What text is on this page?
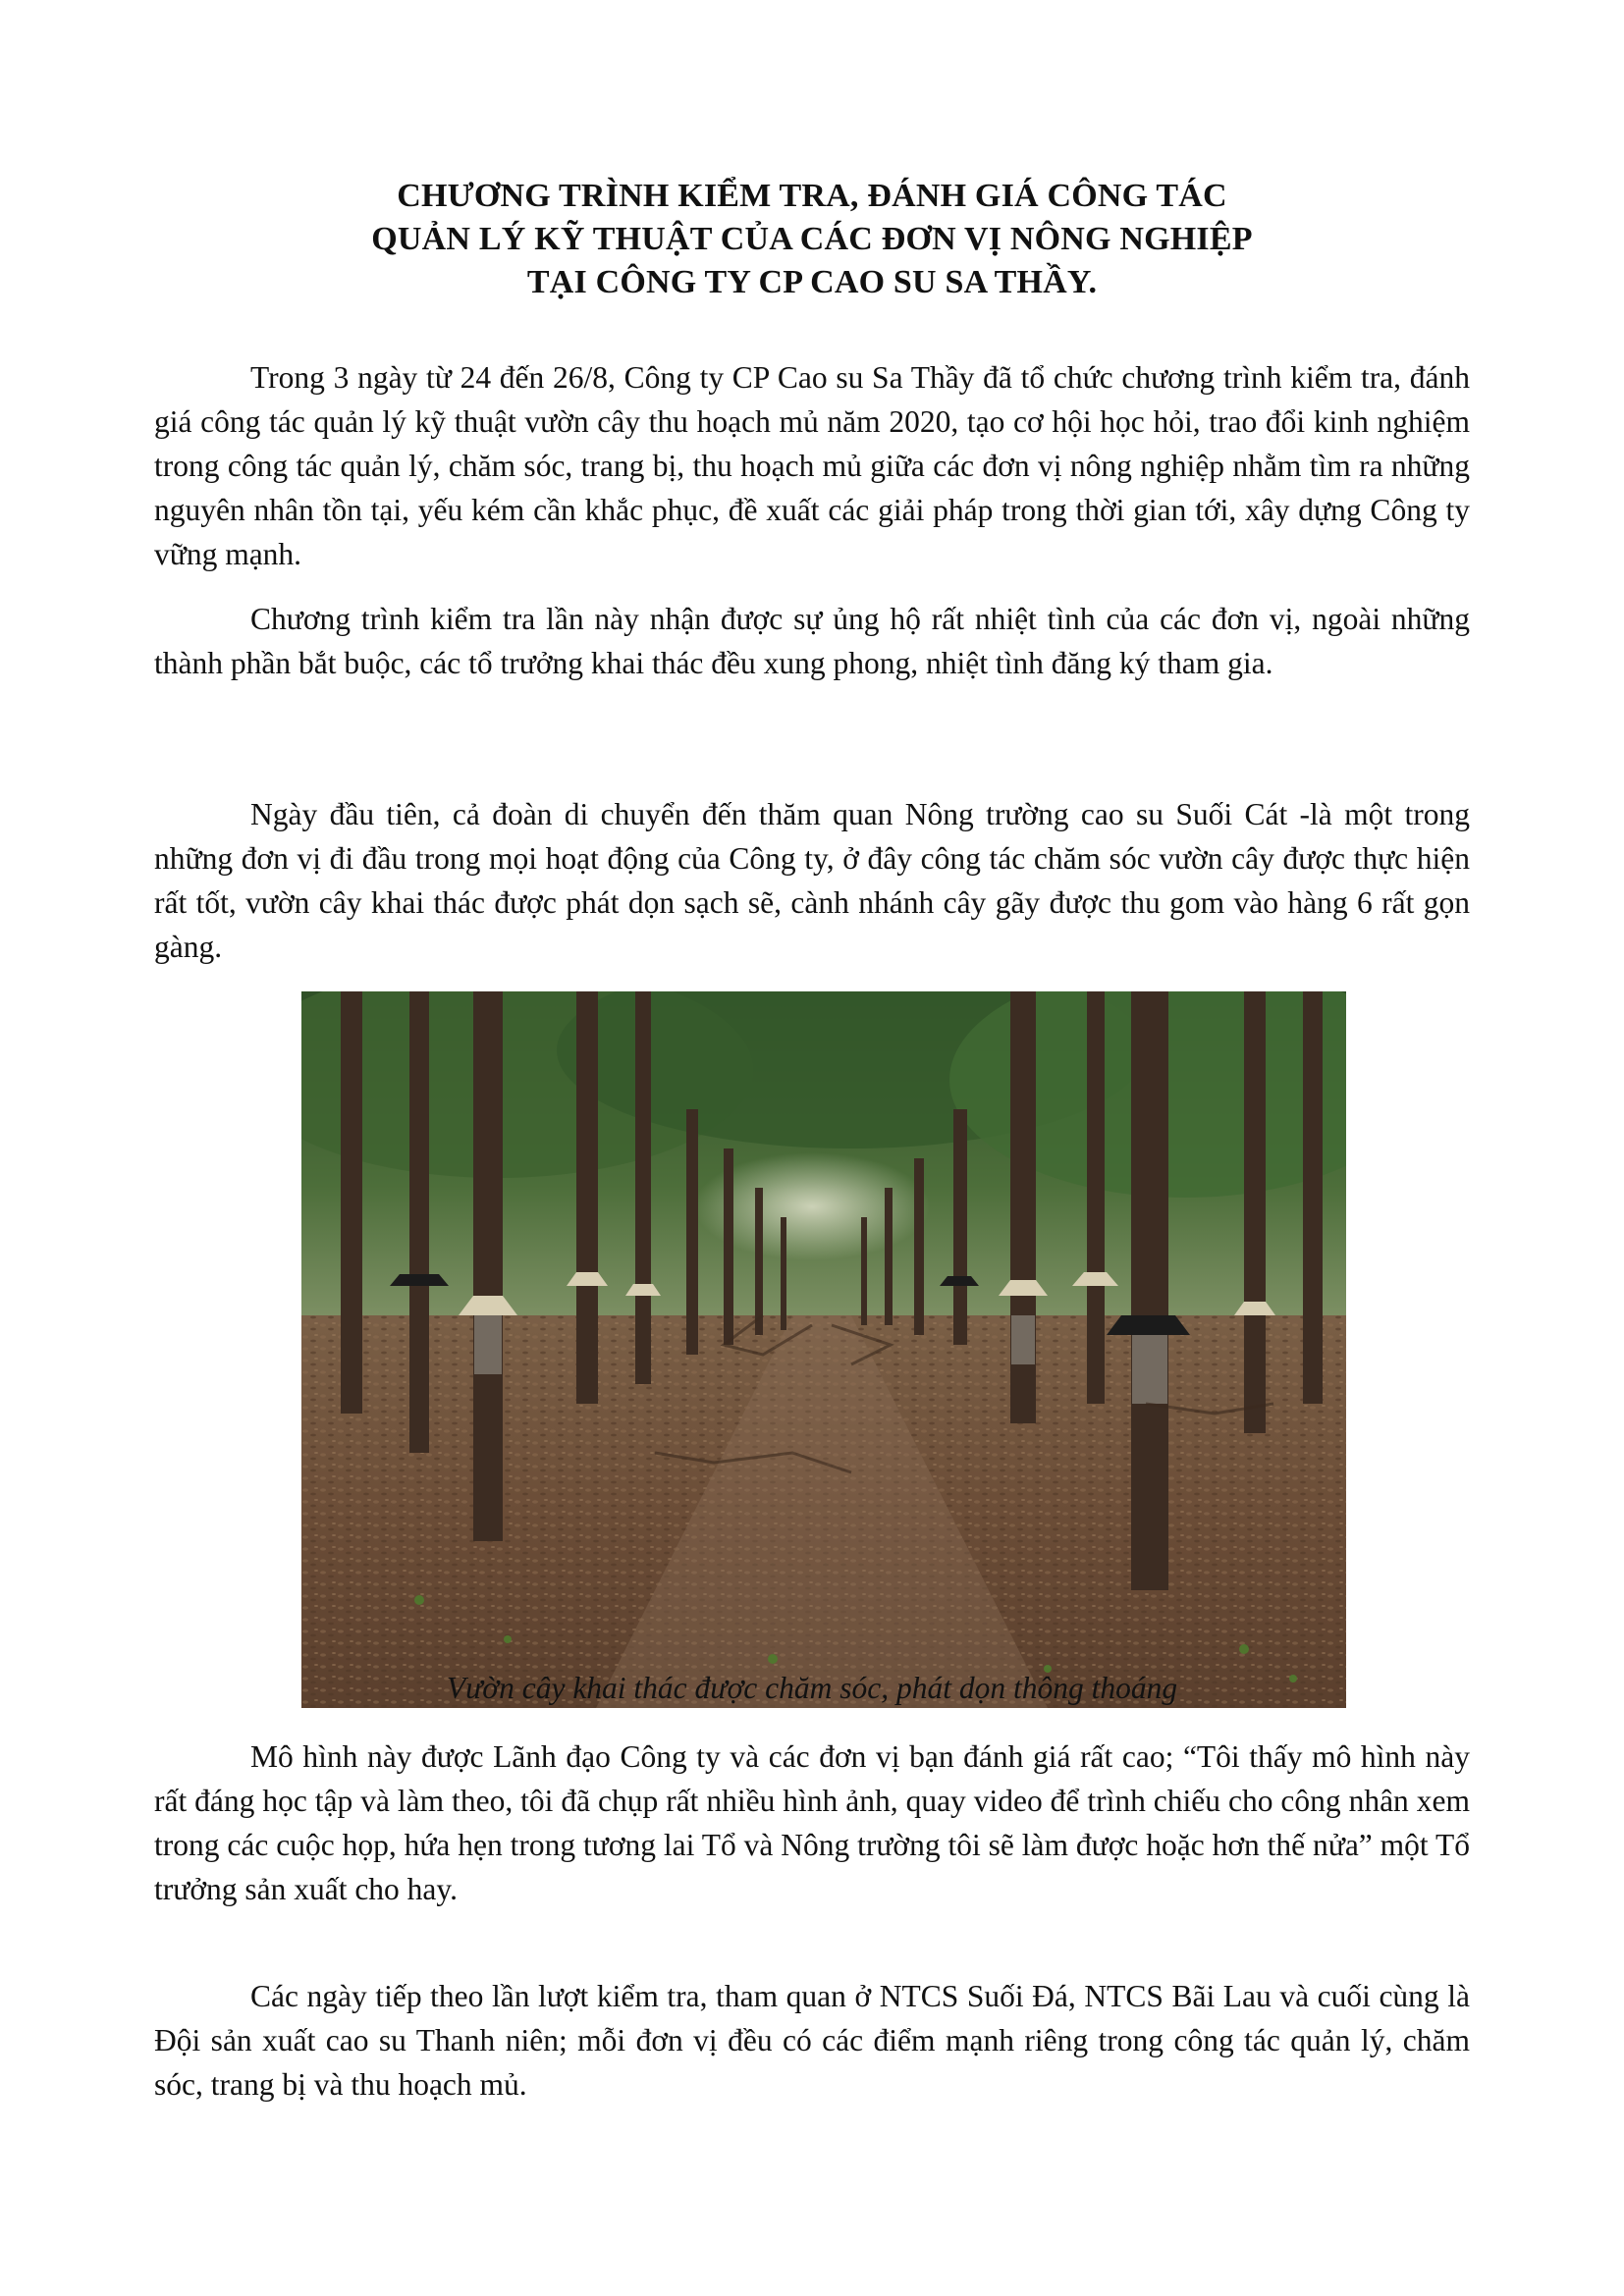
CHƯƠNG TRÌNH KIỂM TRA, ĐÁNH GIÁ CÔNG TÁC

QUẢN LÝ KỸ THUẬT CỦA CÁC ĐƠN VỊ NÔNG NGHIỆP

TẠI CÔNG TY CP CAO SU SA THẦY.

Trong 3 ngày từ 24 đến 26/8, Công ty CP Cao su Sa Thầy đã tổ chức chương trình kiểm tra, đánh giá công tác quản lý kỹ thuật vườn cây thu hoạch mủ năm 2020, tạo cơ hội học hỏi, trao đổi kinh nghiệm trong công tác quản lý, chăm sóc, trang bị, thu hoạch mủ giữa các đơn vị nông nghiệp nhằm tìm ra những nguyên nhân tồn tại, yếu kém cần khắc phục, đề xuất các giải pháp trong thời gian tới, xây dựng Công ty vững mạnh.

Chương trình kiểm tra lần này nhận được sự ủng hộ rất nhiệt tình của các đơn vị, ngoài những thành phần bắt buộc, các tổ trưởng khai thác đều xung phong, nhiệt tình đăng ký tham gia.

Ngày đầu tiên, cả đoàn di chuyển đến thăm quan Nông trường cao su Suối Cát -là một trong những đơn vị đi đầu trong mọi hoạt động của Công ty, ở đây công tác chăm sóc vườn cây được thực hiện rất tốt, vườn cây khai thác được phát dọn sạch sẽ, cành nhánh cây gãy được thu gom vào hàng 6 rất gọn gàng.

Vườn cây khai thác được chăm sóc, phát dọn thông thoáng

Mô hình này được Lãnh đạo Công ty và các đơn vị bạn đánh giá rất cao; “Tôi thấy mô hình này rất đáng học tập và làm theo, tôi đã chụp rất nhiều hình ảnh, quay video để trình chiếu cho công nhân xem trong các cuộc họp, hứa hẹn trong tương lai Tổ và Nông trường tôi sẽ làm được hoặc hơn thế nửa” một Tổ trưởng sản xuất cho hay.

Các ngày tiếp theo lần lượt kiểm tra, tham quan ở NTCS Suối Đá, NTCS Bãi Lau và cuối cùng là Đội sản xuất cao su Thanh niên; mỗi đơn vị đều có các điểm mạnh riêng trong công tác quản lý, chăm sóc, trang bị và thu hoạch mủ.
